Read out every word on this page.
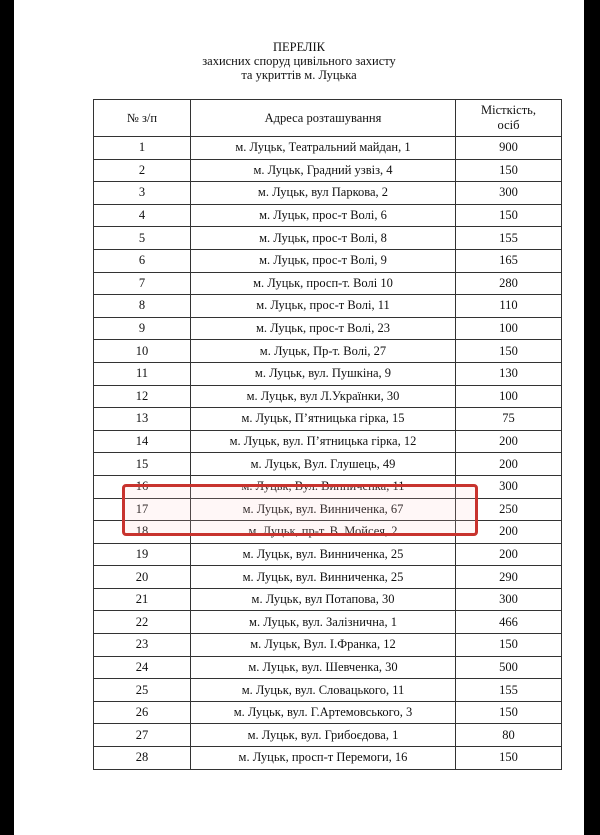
ПЕРЕЛІК
захисних споруд цивільного захисту
та укриттів м. Луцька
№ з/п	Адреса розташування	Місткість,
осіб
1	м. Луцьк, Театральний майдан, 1	900
2	м. Луцьк, Градний узвіз, 4	150
3	м. Луцьк, вул Паркова, 2	300
4	м. Луцьк, прос-т Волі, 6	150
5	м. Луцьк, прос-т Волі, 8	155
6	м. Луцьк, прос-т Волі, 9	165
7	м. Луцьк, просп-т. Волі 10	280
8	м. Луцьк, прос-т Волі, 11	110
9	м. Луцьк, прос-т Волі, 23	100
10	м. Луцьк, Пр-т. Волі, 27	150
11	м. Луцьк, вул. Пушкіна, 9	130
12	м. Луцьк, вул Л.Українки, 30	100
13	м. Луцьк, П’ятницька гірка, 15	75
14	м. Луцьк, вул. П’ятницька гірка, 12	200
15	м. Луцьк, Вул. Глушець, 49	200
16	м. Луцьк, Вул. Винниченка, 11	300
17	м. Луцьк, вул. Винниченка, 67	250
18	м. Луцьк, пр-т. В. Мойсея, 2	200
19	м. Луцьк, вул. Винниченка, 25	200
20	м. Луцьк, вул. Винниченка, 25	290
21	м. Луцьк, вул Потапова, 30	300
22	м. Луцьк, вул. Залізнична, 1	466
23	м. Луцьк, Вул. І.Франка, 12	150
24	м. Луцьк, вул. Шевченка, 30	500
25	м. Луцьк, вул. Словацького, 11	155
26	м. Луцьк, вул. Г.Артемовського, 3	150
27	м. Луцьк, вул. Грибоєдова, 1	80
28	м. Луцьк, просп-т Перемоги, 16	150
